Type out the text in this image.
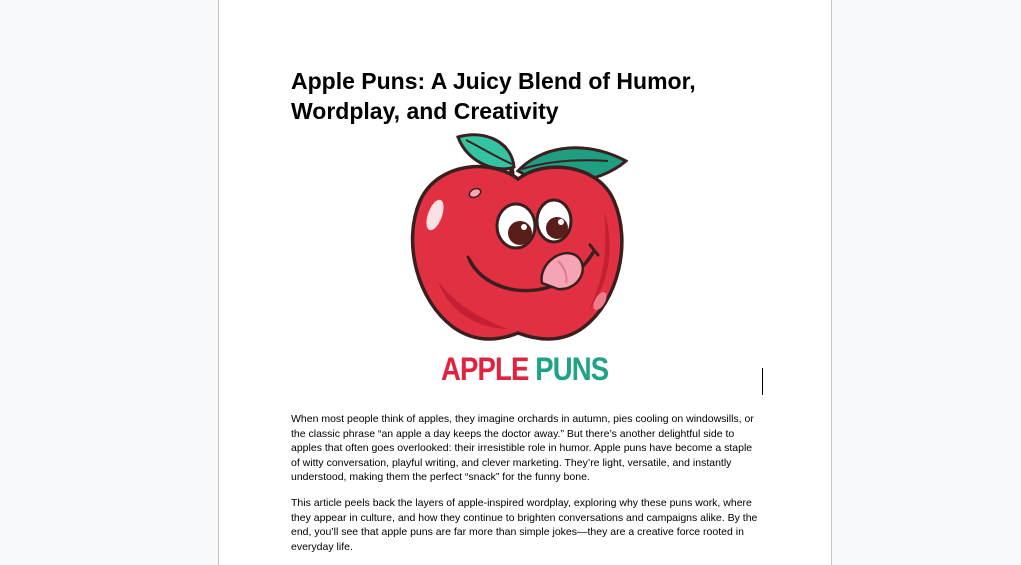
Apple Puns: A Juicy Blend of Humor, Wordplay, and Creativity
APPLE PUNS

When most people think of apples, they imagine orchards in autumn, pies cooling on windowsills, or the classic phrase “an apple a day keeps the doctor away.” But there’s another delightful side to apples that often goes overlooked: their irresistible role in humor. Apple puns have become a staple of witty conversation, playful writing, and clever marketing. They’re light, versatile, and instantly understood, making them the perfect “snack” for the funny bone.

This article peels back the layers of apple-inspired wordplay, exploring why these puns work, where they appear in culture, and how they continue to brighten conversations and campaigns alike. By the end, you’ll see that apple puns are far more than simple jokes—they are a creative force rooted in everyday life.
